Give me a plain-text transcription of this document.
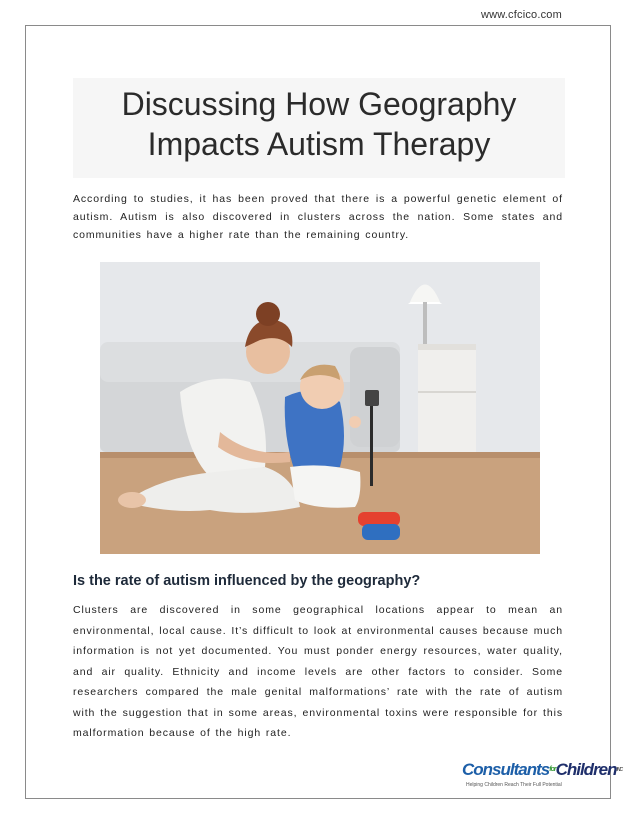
www.cfcico.com
Discussing How Geography
Impacts Autism Therapy

According to studies, it has been proved that there is a powerful genetic element of autism. Autism is also discovered in clusters across the nation. Some states and communities have a higher rate than the remaining country.

Is the rate of autism influenced by the geography?

Clusters are discovered in some geographical locations appear to mean an environmental, local cause. It’s difficult to look at environmental causes because much information is not yet documented. You must ponder energy resources, water quality, and air quality. Ethnicity and income levels are other factors to consider. Some researchers compared the male genital malformations’ rate with the rate of autism with the suggestion that in some areas, environmental toxins were responsible for this malformation because of the high rate.

Consultants$^{for}$Children$^{INC}$
Helping Children Reach Their Full Potential
